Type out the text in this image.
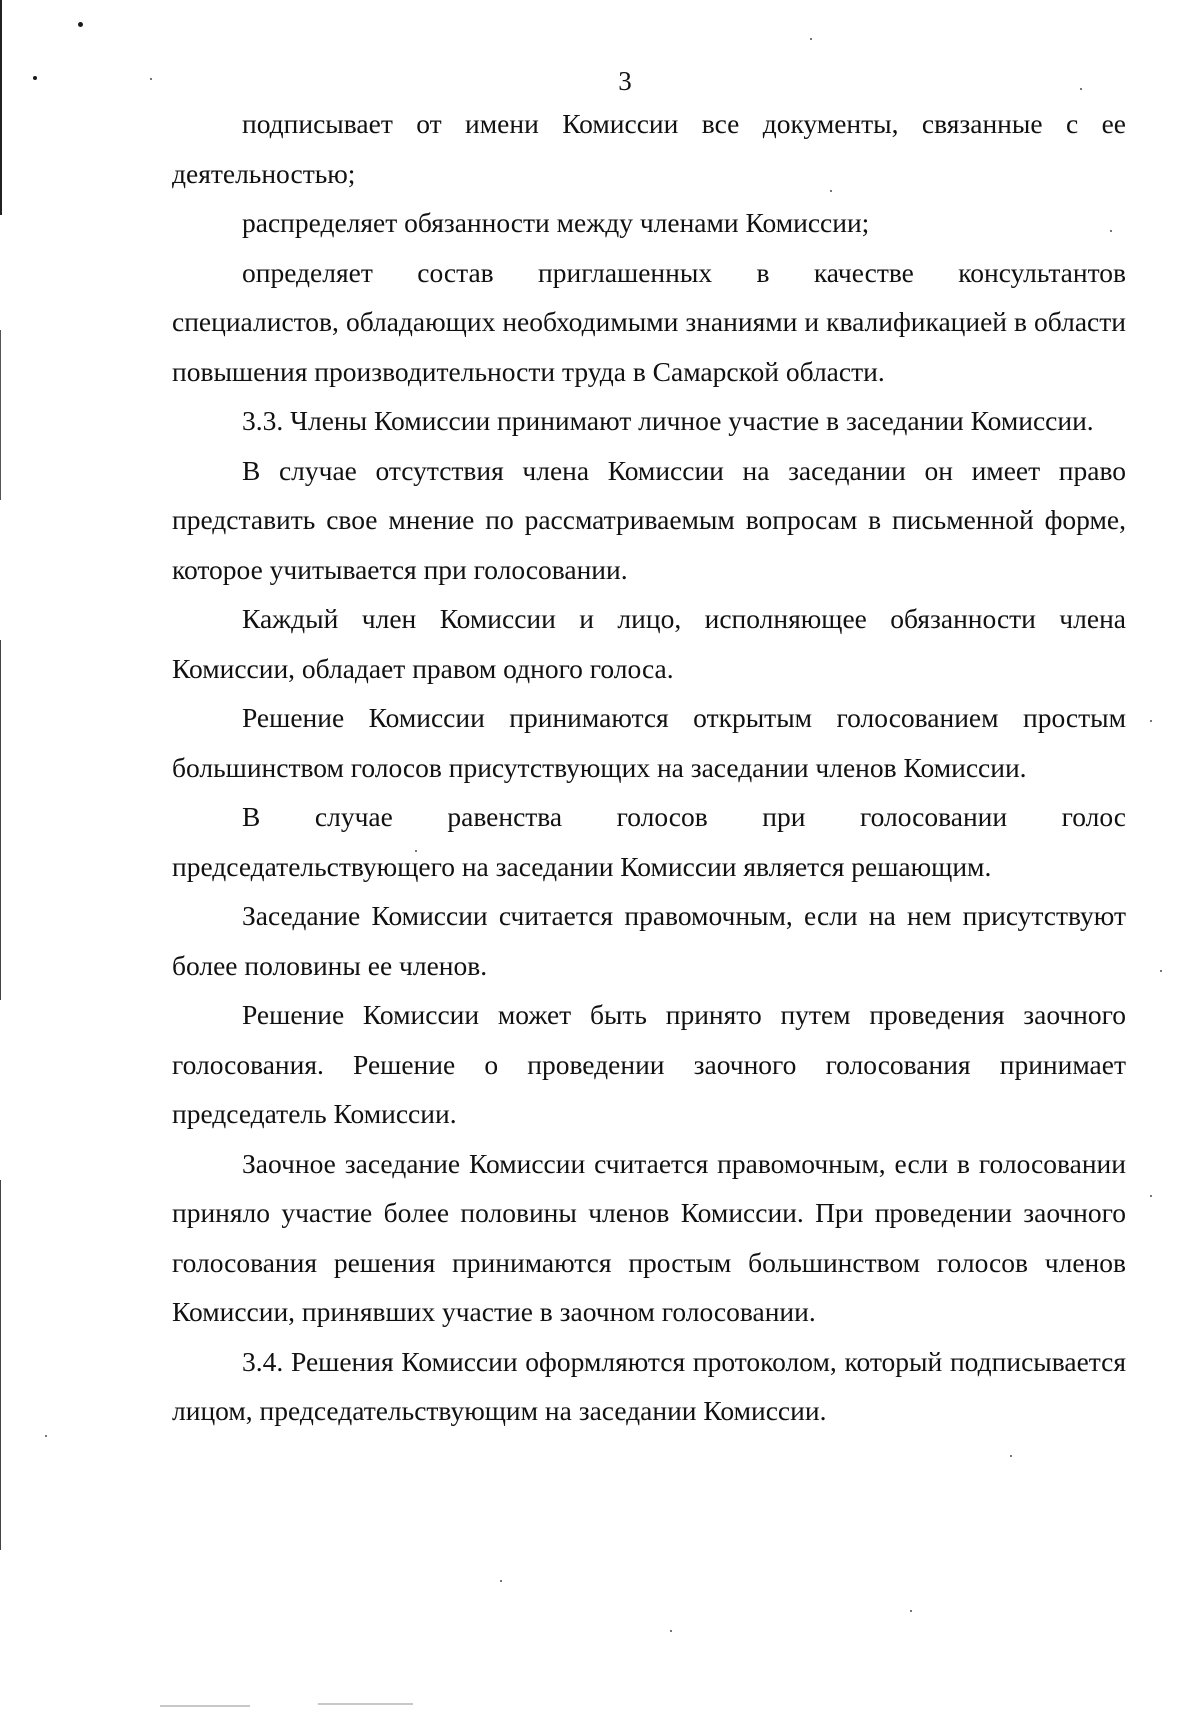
3

подписывает от имени Комиссии все документы, связанные с ее

деятельностью;

распределяет обязанности между членами Комиссии;

определяет состав приглашенных в качестве консультантов

специалистов, обладающих необходимыми знаниями и квалификацией в области повышения производительности труда в Самарской области.

3.3. Члены Комиссии принимают личное участие в заседании Комиссии.

В случае отсутствия члена Комиссии на заседании он имеет право представить свое мнение по рассматриваемым вопросам в письменной форме, которое учитывается при голосовании.

Каждый член Комиссии и лицо, исполняющее обязанности члена Комиссии, обладает правом одного голоса.

Решение Комиссии принимаются открытым голосованием простым большинством голосов присутствующих на заседании членов Комиссии.

В случае равенства голосов при голосовании голос председательствующего на заседании Комиссии является решающим.

Заседание Комиссии считается правомочным, если на нем присутствуют более половины ее членов.

Решение Комиссии может быть принято путем проведения заочного голосования. Решение о проведении заочного голосования принимает председатель Комиссии.

Заочное заседание Комиссии считается правомочным, если в голосовании приняло участие более половины членов Комиссии. При проведении заочного голосования решения принимаются простым большинством голосов членов Комиссии, принявших участие в заочном голосовании.

3.4. Решения Комиссии оформляются протоколом, который подписывается лицом, председательствующим на заседании Комиссии.
